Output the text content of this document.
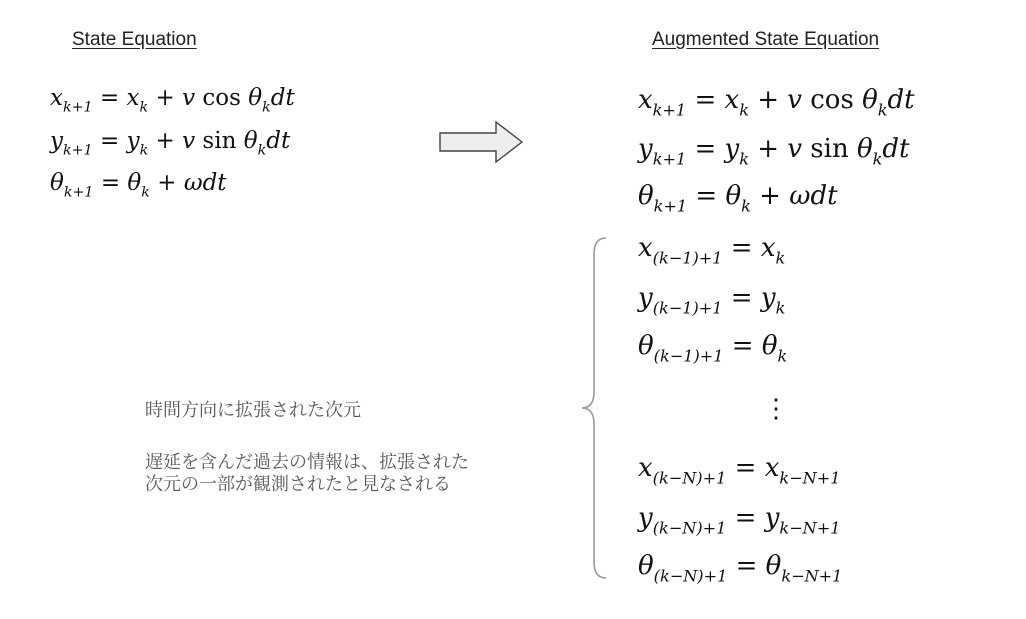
State Equation	Augmented State Equation
$x_{k+1} = x_k + v$ $\cos \theta_kdt$
$y_{k+1} = y_k + v$ $\sin \theta_kdt$
$\theta_{k+1} = \theta_k + \omega dt$
$x_{k+1} = x_k + v$ $\cos \theta_kdt$
$y_{k+1} = y_k + v$ $\sin \theta_kdt$
$\theta_{k+1} = \theta_k + \omega dt$
$x_{(k-1)+1} = x_k$
$y_{(k-1)+1} = y_k$
$\theta_{(k-1)+1} = \theta_k$
⋮
$x_{(k-N)+1} = x_{k-N+1}$
$y_{(k-N)+1} = y_{k-N+1}$
$\theta_{(k-N)+1} = \theta_{k-N+1}$
時間方向に拡張された次元
遅延を含んだ過去の情報は、拡張された
次元の一部が観測されたと見なされる
